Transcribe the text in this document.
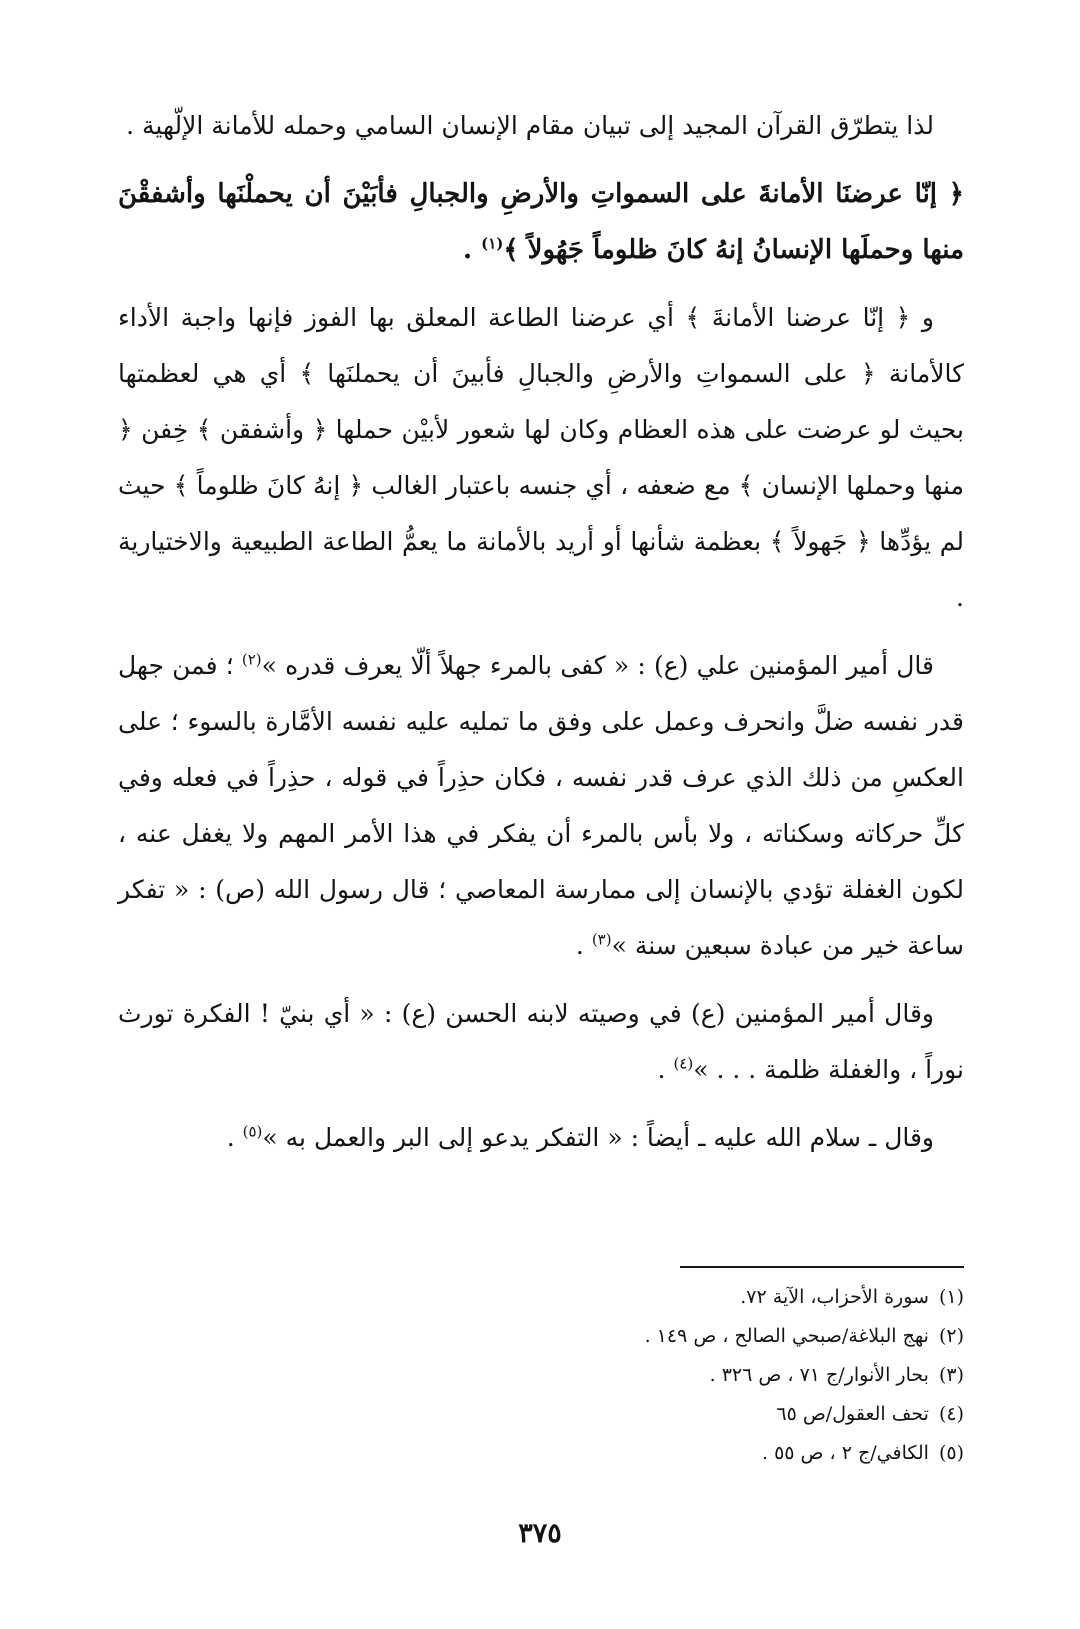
لذا يتطرّق القرآن المجيد إلى تبيان مقام الإنسان السامي وحمله للأمانة الإلّهية .

﴿ إنّا عرضنَا الأمانةَ على السمواتِ والأرضِ والجبالِ فأبَيْنَ أن يحملْنَها وأشفقْنَ منها وحملَها الإنسانُ إنهُ كانَ ظلوماً جَهُولاً ﴾$^{(١)}$ .

و ﴿ إنّا عرضنا الأمانةَ ﴾ أي عرضنا الطاعة المعلق بها الفوز فإنها واجبة الأداء كالأمانة ﴿ على السمواتِ والأرضِ والجبالِ فأبينَ أن يحملنَها ﴾ أي هي لعظمتها بحيث لو عرضت على هذه العظام وكان لها شعور لأبيْن حملها ﴿ وأشفقن ﴾ خِفن ﴿ منها وحملها الإنسان ﴾ مع ضعفه ، أي جنسه باعتبار الغالب ﴿ إنهُ كانَ ظلوماً ﴾ حيث لم يؤدِّها ﴿ جَهولاً ﴾ بعظمة شأنها أو أريد بالأمانة ما يعمُّ الطاعة الطبيعية والاختيارية .

قال أمير المؤمنين علي (ع) : « كفى بالمرء جهلاً ألّا يعرف قدره »$^{(٢)}$ ؛ فمن جهل قدر نفسه ضلَّ وانحرف وعمل على وفق ما تمليه عليه نفسه الأمَّارة بالسوء ؛ على العكسِ من ذلك الذي عرف قدر نفسه ، فكان حذِراً في قوله ، حذِراً في فعله وفي كلِّ حركاته وسكناته ، ولا بأس بالمرء أن يفكر في هذا الأمر المهم ولا يغفل عنه ، لكون الغفلة تؤدي بالإنسان إلى ممارسة المعاصي ؛ قال رسول الله (ص) : « تفكر ساعة خير من عبادة سبعين سنة »$^{(٣)}$ .

وقال أمير المؤمنين (ع) في وصيته لابنه الحسن (ع) : « أي بنيّ ! الفكرة تورث نوراً ، والغفلة ظلمة . . . »$^{(٤)}$ .

وقال ـ سلام الله عليه ـ أيضاً : « التفكر يدعو إلى البر والعمل به »$^{(٥)}$ .

(١)سورة الأحزاب، الآية ٧٢.
(٢)نهج البلاغة/صبحي الصالح ، ص ١٤٩ .
(٣)بحار الأنوار/ج ٧١ ، ص ٣٢٦ .
(٤)تحف العقول/ص ٦٥
(٥)الكافي/ج ٢ ، ص ٥٥ .
٣٧٥
